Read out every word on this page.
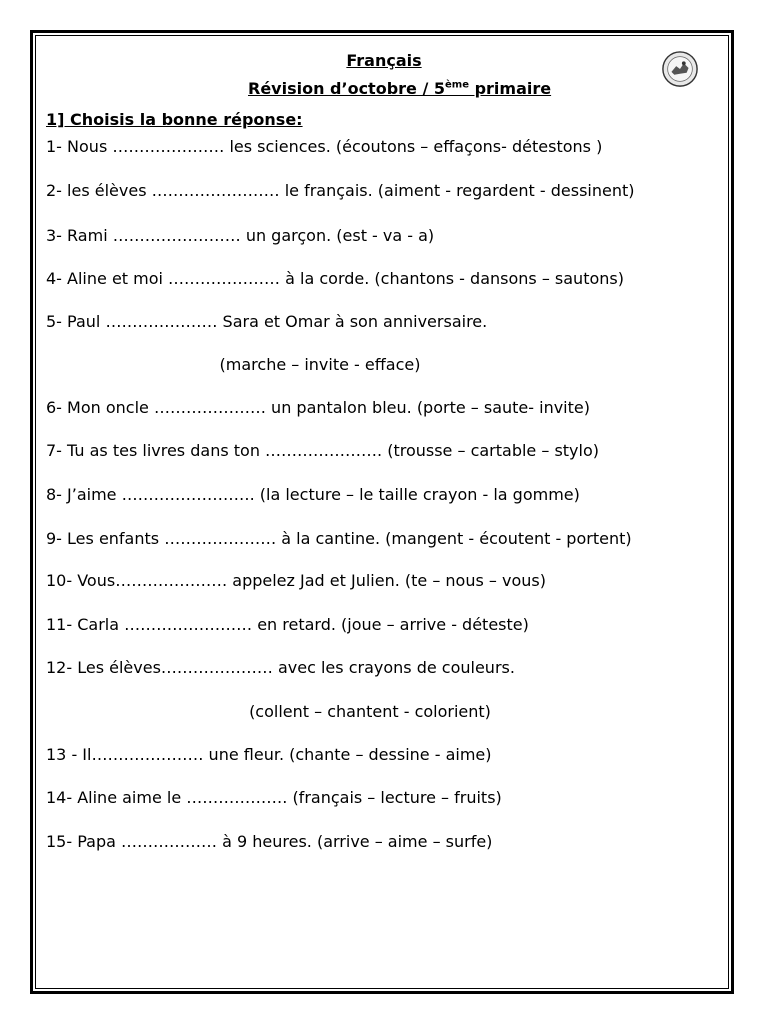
Français
Révision d’octobre / 5ème primaire
1] Choisis la bonne réponse:
1- Nous ………………… les sciences. (écoutons – effaçons- détestons )
2- les élèves …………………… le français. (aiment - regardent - dessinent)
3- Rami …………………… un garçon. (est - va - a)
4- Aline et moi ………………… à la corde. (chantons - dansons – sautons)
5- Paul ………………… Sara et Omar à son anniversaire.
(marche – invite - efface)
6- Mon oncle ………………… un pantalon bleu. (porte – saute- invite)
7- Tu as tes livres dans ton …………………. (trousse – cartable – stylo)
8- J’aime ……………………. (la lecture – le taille crayon - la gomme)
9- Les enfants ………………… à la cantine. (mangent - écoutent - portent)
10- Vous………………… appelez Jad et Julien. (te – nous – vous)
11- Carla …………………… en retard. (joue – arrive - déteste)
12- Les élèves………………… avec les crayons de couleurs.
(collent – chantent - colorient)
13 - Il………………… une fleur. (chante – dessine - aime)
14- Aline aime le ………………. (français – lecture – fruits)
15- Papa ……………… à 9 heures. (arrive – aime – surfe)
